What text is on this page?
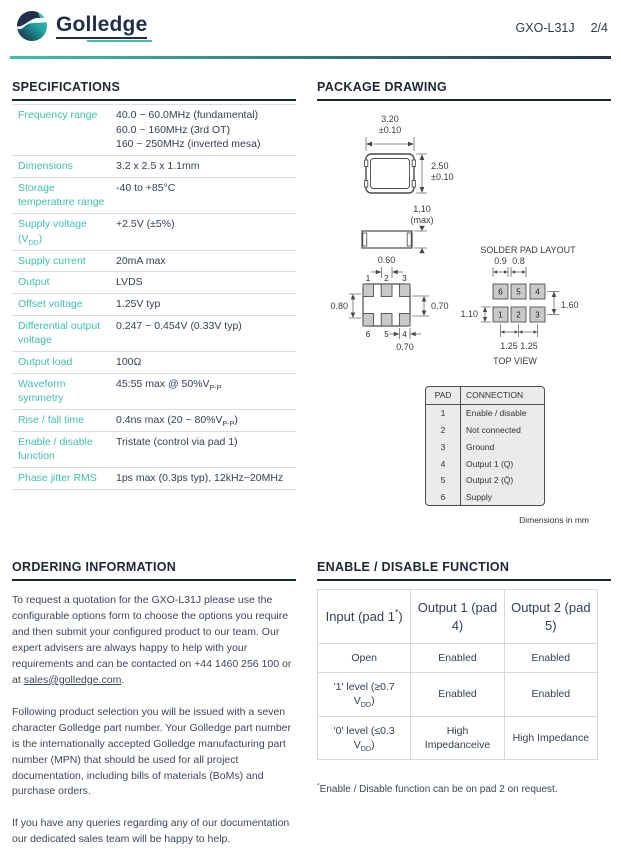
Golledge	GXO-L31J 2/4
SPECIFICATIONS
Frequency range	40.0 ~ 60.0MHz (fundamental)
60.0 ~ 160MHz (3rd OT)
160 ~ 250MHz (inverted mesa)
Dimensions	3.2 x 2.5 x 1.1mm
Storage temperature range	-40 to +85°C
Supply voltage $(V_{DD})$	+2.5V (±5%)
Supply current	20mA max
Output	LVDS
Offset voltage	1.25V typ
Differential output voltage	0.247 ~ 0.454V (0.33V typ)
Output load	100Ω
Waveform symmetry	45:55 max @ $50\%V_{P-P}$
Rise / fall time	0.4ns max (20 ~ $80\%V_{P-P}$)
Enable / disable function	Tristate (control via pad 1)
Phase jitter RMS	1ps max (0.3ps typ), 12kHz~20MHz
PACKAGE DRAWING
3.20
±0.10
2.50
±0.10
1.10
(max)
0.60
1 2 3
6 5 4
0.80	0.70
0.70
SOLDER PAD LAYOUT
0.9 0.8
6 5 4
1 2 3
1.60
1.10
1.25 1.25
TOP VIEW
PAD	CONNECTION
1	Enable / disable
2	Not connected
3	Ground
4	Output 1 (Q)
5	Output 2 (Q̄)
6	Supply
Dimensions in mm
ORDERING INFORMATION

To request a quotation for the GXO-L31J please use the configurable options form to choose the options you require and then submit your configured product to our team. Our expert advisers are always happy to help with your requirements and can be contacted on +44 1460 256 100 or at sales@golledge.com.

Following product selection you will be issued with a seven character Golledge part number. Your Golledge part number is the internationally accepted Golledge manufacturing part number (MPN) that should be used for all project documentation, including bills of materials (BoMs) and purchase orders.

If you have any queries regarding any of our documentation our dedicated sales team will be happy to help.

ENABLE / DISABLE FUNCTION
Input (pad 1*)	Output 1 (pad 4)	Output 2 (pad 5)
Open	Enabled	Enabled
'1' level (≥0.7 $V_{DD}$)	Enabled	Enabled
'0' level (≤0.3 $V_{DD}$)	High Impedanceive	High Impedance
*Enable / Disable function can be on pad 2 on request.
